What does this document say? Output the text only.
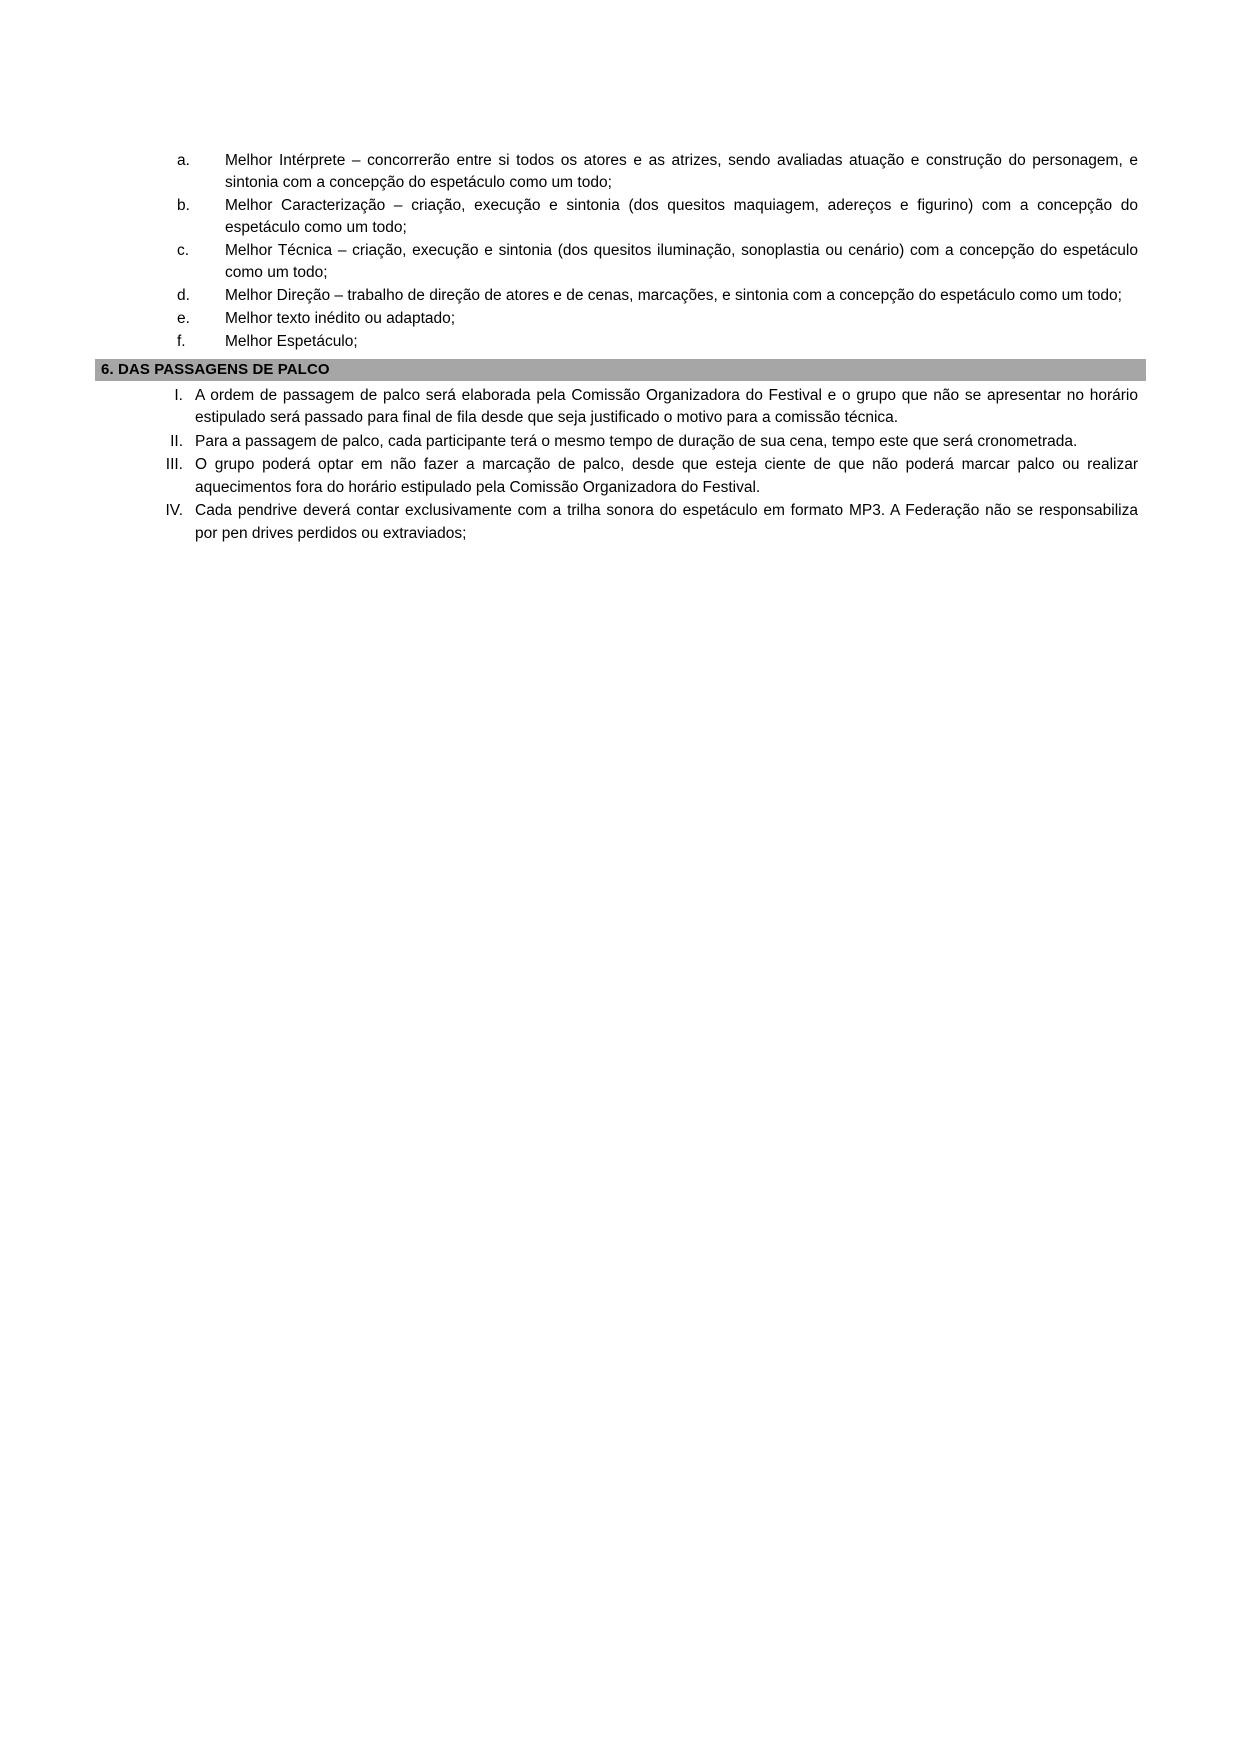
a.	Melhor Intérprete – concorrerão entre si todos os atores e as atrizes, sendo avaliadas atuação e construção do personagem, e sintonia com a concepção do espetáculo como um todo;
b.	Melhor Caracterização – criação, execução e sintonia (dos quesitos maquiagem, adereços e figurino) com a concepção do espetáculo como um todo;
c.	Melhor Técnica – criação, execução e sintonia (dos quesitos iluminação, sonoplastia ou cenário) com a concepção do espetáculo como um todo;
d.	Melhor Direção – trabalho de direção de atores e de cenas, marcações, e sintonia com a concepção do espetáculo como um todo;
e.	Melhor texto inédito ou adaptado;
f.	Melhor Espetáculo;
6. DAS PASSAGENS DE PALCO
I. A ordem de passagem de palco será elaborada pela Comissão Organizadora do Festival e o grupo que não se apresentar no horário estipulado será passado para final de fila desde que seja justificado o motivo para a comissão técnica.
II. Para a passagem de palco, cada participante terá o mesmo tempo de duração de sua cena, tempo este que será cronometrada.
III. O grupo poderá optar em não fazer a marcação de palco, desde que esteja ciente de que não poderá marcar palco ou realizar aquecimentos fora do horário estipulado pela Comissão Organizadora do Festival.
IV. Cada pendrive deverá contar exclusivamente com a trilha sonora do espetáculo em formato MP3. A Federação não se responsabiliza por pen drives perdidos ou extraviados;
